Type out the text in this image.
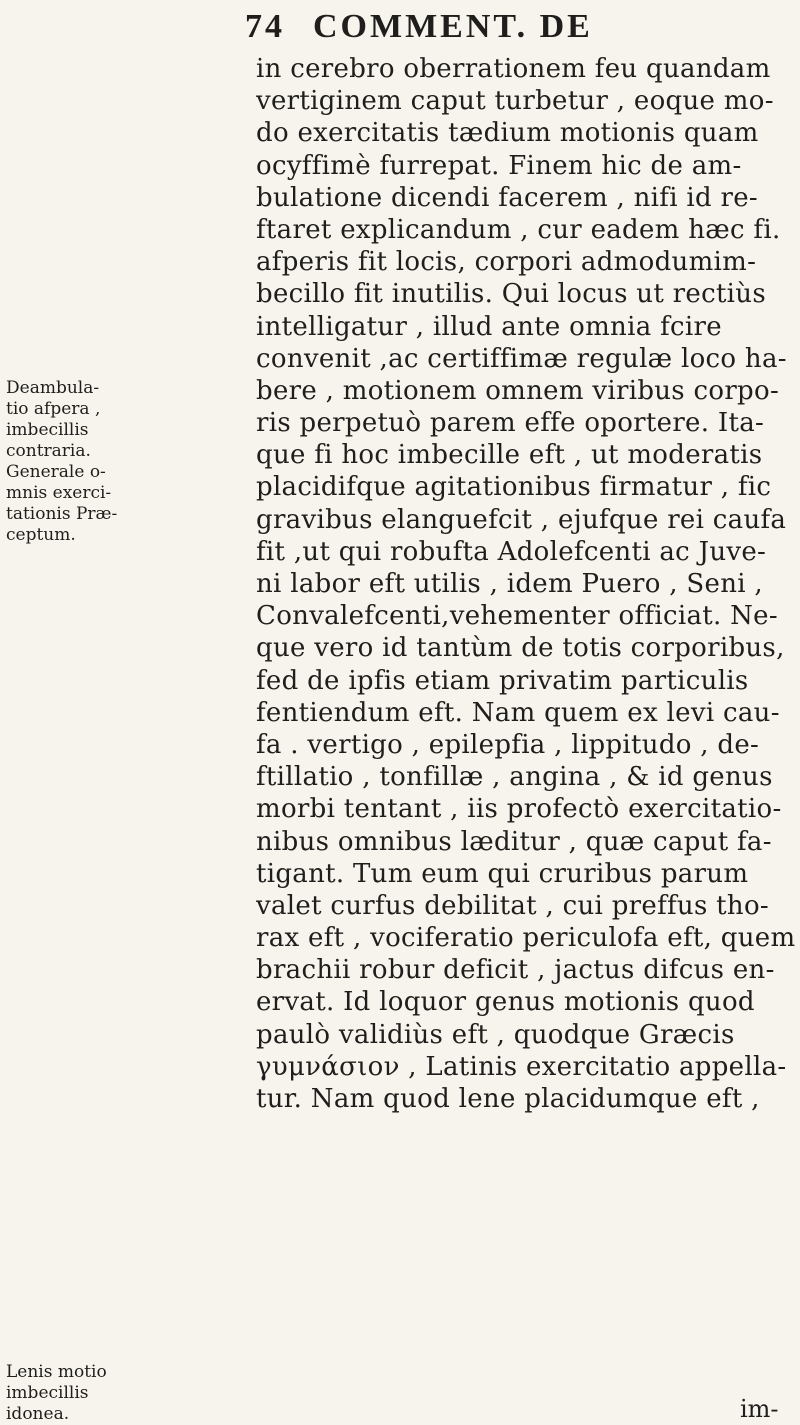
74 COMMENT. DE
in cerebro oberrationem feu quandam
vertiginem caput turbetur , eoque mo-
do exercitatis tædium motionis quam
ocyffimè furrepat. Finem hic de am-
bulatione dicendi facerem , nifi id re-
ftaret explicandum , cur eadem hæc fi.
afperis fit locis, corpori admodumim-
becillo fit inutilis. Qui locus ut rectiùs
intelligatur , illud ante omnia fcire
convenit ,ac certiffimæ regulæ loco ha-
bere , motionem omnem viribus corpo-
ris perpetuò parem effe oportere. Ita-
que fi hoc imbecille eft , ut moderatis
placidifque agitationibus firmatur , fic
gravibus elanguefcit , ejufque rei caufa
fit ,ut qui robufta Adolefcenti ac Juve-
ni labor eft utilis , idem Puero , Seni ,
Convalefcenti,vehementer officiat. Ne-
que vero id tantùm de totis corporibus,
fed de ipfis etiam privatim particulis
fentiendum eft. Nam quem ex levi cau-
fa . vertigo , epilepfia , lippitudo , de-
ftillatio , tonfillæ , angina , & id genus
morbi tentant , iis profectò exercitatio-
nibus omnibus læditur , quæ caput fa-
tigant. Tum eum qui cruribus parum
valet curfus debilitat , cui preffus tho-
rax eft , vociferatio periculofa eft, quem
brachii robur deficit , jactus difcus en-
ervat. Id loquor genus motionis quod
paulò validiùs eft , quodque Græcis
γυμνάσιον , Latinis exercitatio appella-
tur. Nam quod lene placidumque eft ,
im-
Deambula-
tio afpera ,
imbecillis
contraria.
Generale o-
mnis exerci-
tationis Præ-
ceptum.
Lenis motio
imbecillis
idonea.
